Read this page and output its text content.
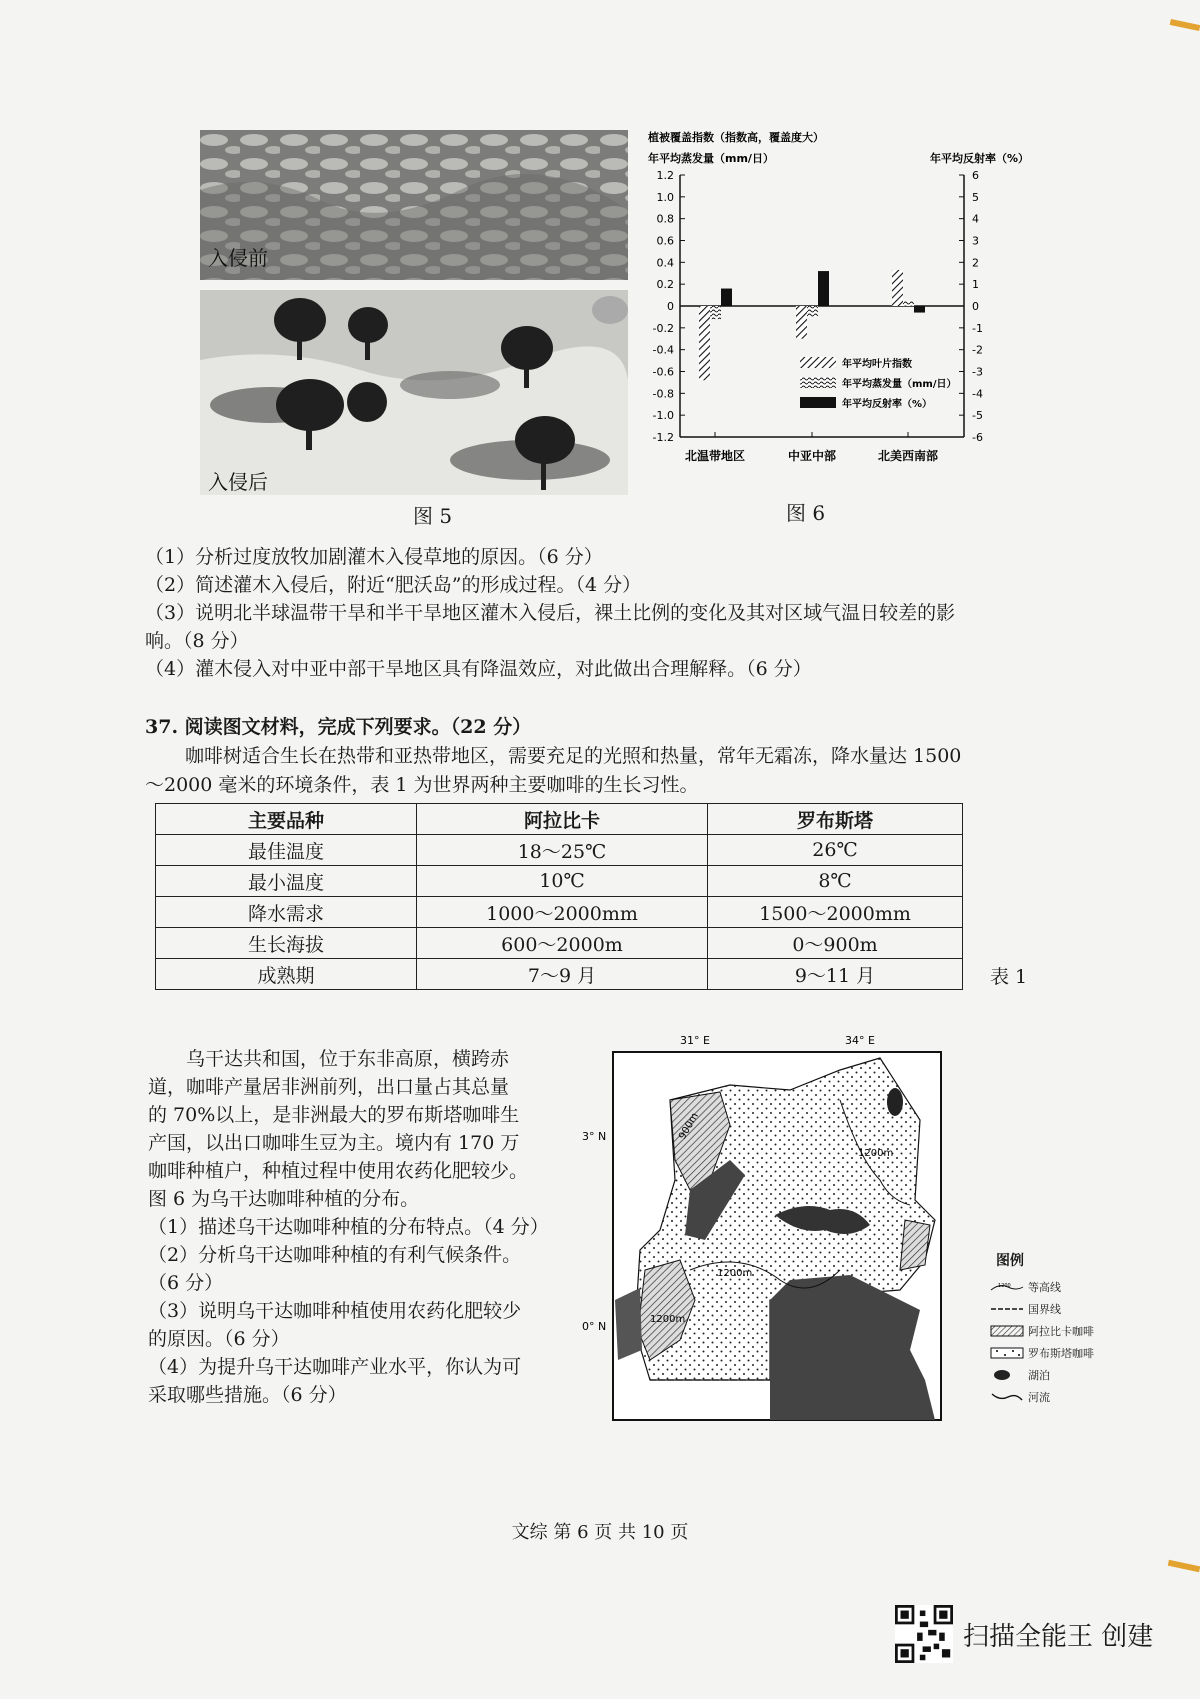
入侵前
入侵后
图 5
植被覆盖指数（指数高，覆盖度大）
年平均蒸发量（mm/日）	年平均反射率（%）
1.2
1.0
0.8
0.6
0.4
0.2
0
-0.2
-0.4
-0.6
-0.8
-1.0
-1.2
6
5
4
3
2
1
0
-1
-2
-3
-4
-5
-6
北温带地区	中亚中部	北美西南部
年平均叶片指数
年平均蒸发量（mm/日）
年平均反射率（%）
图 6
（1）分析过度放牧加剧灌木入侵草地的原因。（6 分）
（2）简述灌木入侵后，附近“肥沃岛”的形成过程。（4 分）
（3）说明北半球温带干旱和半干旱地区灌木入侵后，裸土比例的变化及其对区域气温日较差的影
响。（8 分）
（4）灌木侵入对中亚中部干旱地区具有降温效应，对此做出合理解释。（6 分）
37. 阅读图文材料，完成下列要求。（22 分）
咖啡树适合生长在热带和亚热带地区，需要充足的光照和热量，常年无霜冻，降水量达 1500
～2000 毫米的环境条件，表 1 为世界两种主要咖啡的生长习性。
主要品种	阿拉比卡	罗布斯塔
最佳温度	18～25℃	26℃
最小温度	10℃	8℃
降水需求	1000～2000mm	1500～2000mm
生长海拔	600～2000m	0～900m
成熟期	7～9 月	9～11 月	表 1

乌干达共和国，位于东非高原，横跨赤

道，咖啡产量居非洲前列，出口量占其总量

的 70%以上，是非洲最大的罗布斯塔咖啡生

产国，以出口咖啡生豆为主。境内有 170 万

咖啡种植户，种植过程中使用农药化肥较少。

图 6 为乌干达咖啡种植的分布。

（1）描述乌干达咖啡种植的分布特点。（4 分）

（2）分析乌干达咖啡种植的有利气候条件。

（6 分）

（3）说明乌干达咖啡种植使用农药化肥较少

的原因。（6 分）

（4）为提升乌干达咖啡产业水平，你认为可

采取哪些措施。（6 分）

31° E	34° E
3° N
0° N
900m
1200m
1200m
1200m
图例
1200 等高线
国界线
阿拉比卡咖啡
罗布斯塔咖啡
湖泊
河流
文综 第 6 页 共 10 页
扫描全能王 创建
